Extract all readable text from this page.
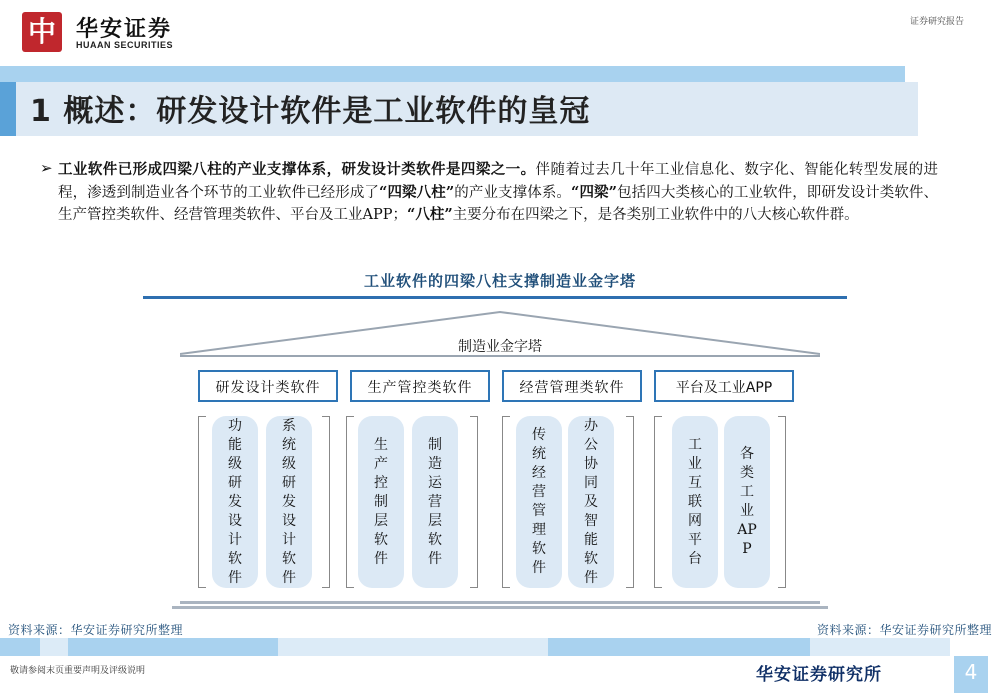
中 华安证券
HUAAN SECURITIES
证券研究报告
1 概述：研发设计软件是工业软件的皇冠
➢ 工业软件已形成四梁八柱的产业支撑体系，研发设计类软件是四梁之一。伴随着过去几十年工业信息化、数字化、智能化转型发展的进程，渗透到制造业各个环节的工业软件已经形成了“四梁八柱”的产业支撑体系。“四梁”包括四大类核心的工业软件，即研发设计类软件、生产管控类软件、经营管理类软件、平台及工业APP；“八柱”主要分布在四梁之下，是各类别工业软件中的八大核心软件群。
工业软件的四梁八柱支撑制造业金字塔
制造业金字塔
研发设计类软件	生产管控类软件	经营管理类软件	平台及工业APP
功能级研发设计软件
系统级研发设计软件
生产控制层软件
制造运营层软件
传统经营管理软件
办公协同及智能软件
工业互联网平台
各类工业APP
资料来源：华安证券研究所整理	资料来源：华安证券研究所整理
敬请参阅末页重要声明及评级说明	华安证券研究所	4
